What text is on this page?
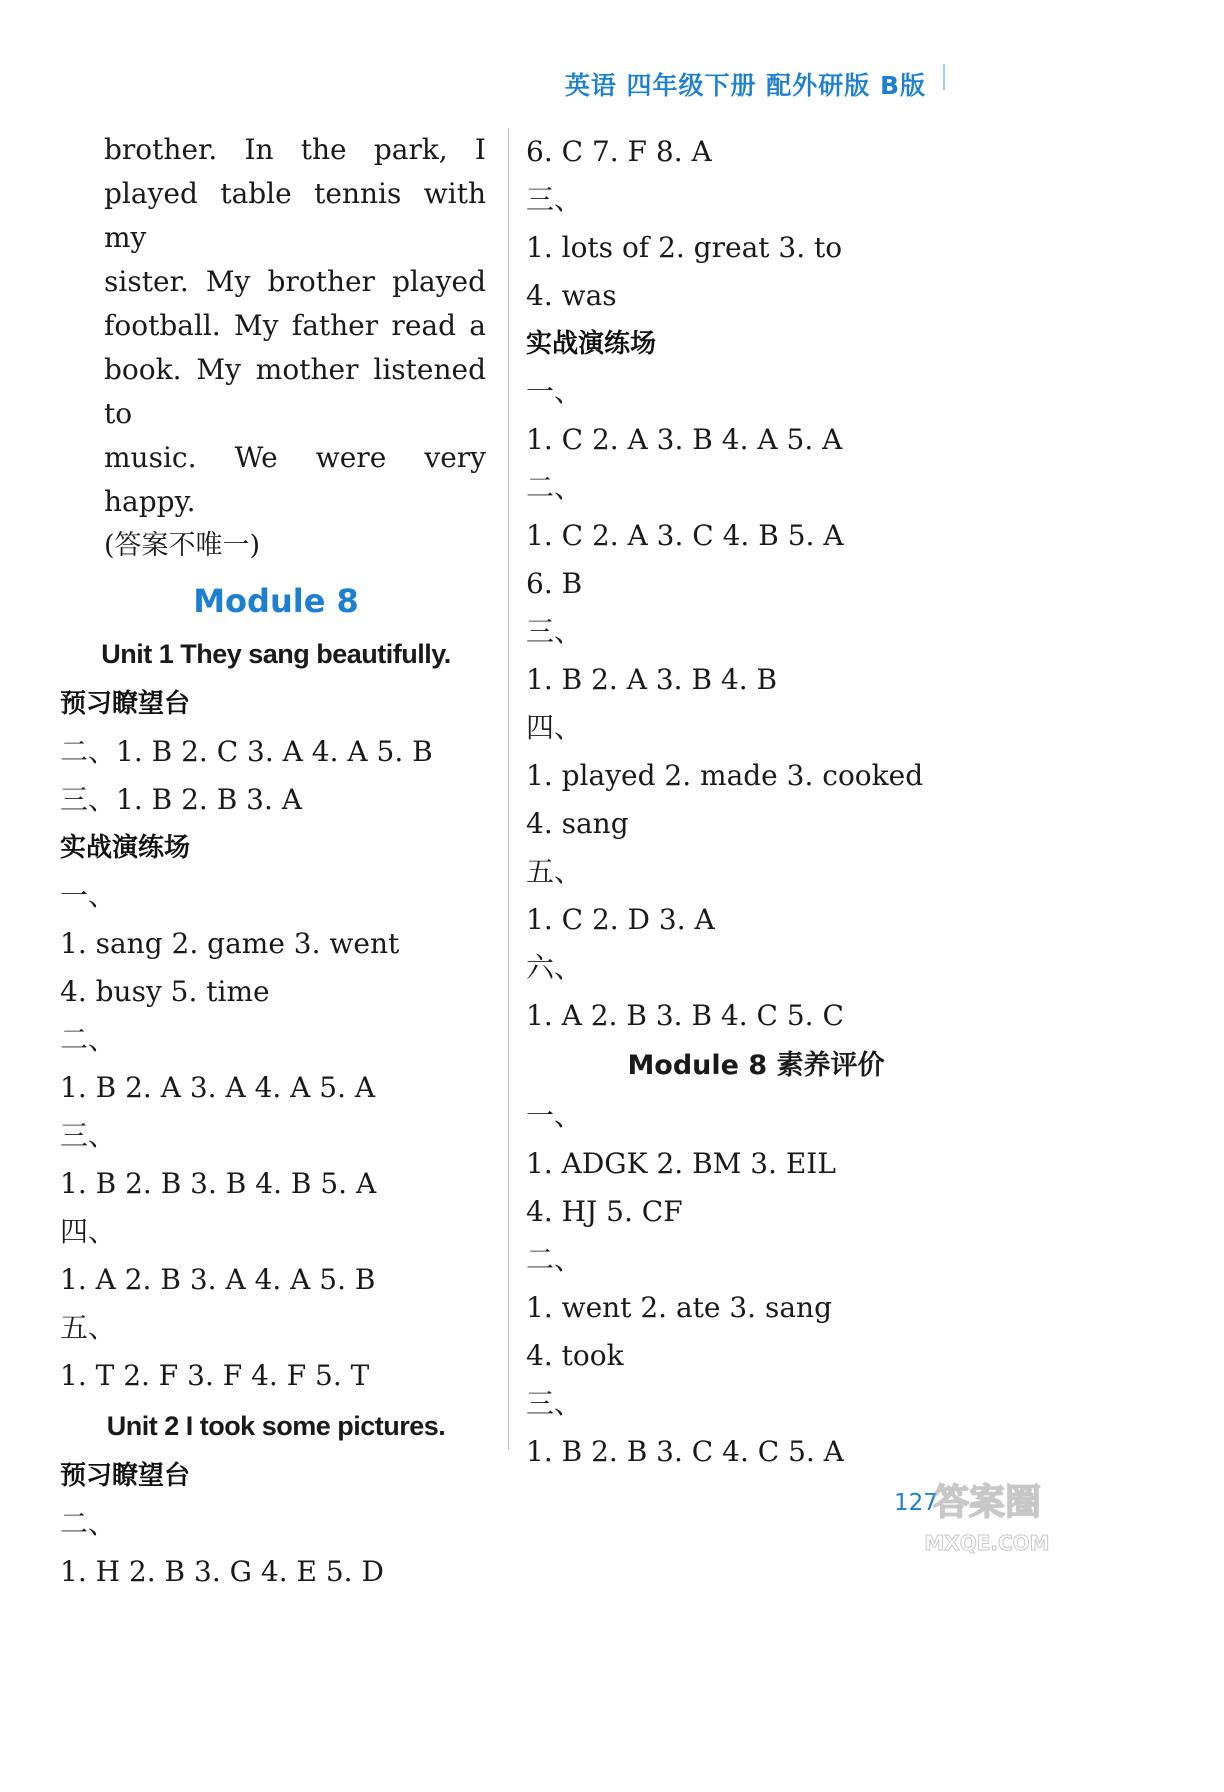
英语 四年级下册 配外研版 B版
brother. In the park, I
played table tennis with my
sister. My brother played
football. My father read a
book. My mother listened to
music. We were very happy.
(答案不唯一)
Module 8
Unit 1 They sang beautifully.
预习瞭望台
二、1. B 2. C 3. A 4. A 5. B
三、1. B 2. B 3. A
实战演练场
一、
1. sang 2. game 3. went
4. busy 5. time
二、
1. B 2. A 3. A 4. A 5. A
三、
1. B 2. B 3. B 4. B 5. A
四、
1. A 2. B 3. A 4. A 5. B
五、
1. T 2. F 3. F 4. F 5. T
Unit 2 I took some pictures.
预习瞭望台
二、
1. H 2. B 3. G 4. E 5. D
6. C 7. F 8. A
三、
1. lots of 2. great 3. to
4. was
实战演练场
一、
1. C 2. A 3. B 4. A 5. A
二、
1. C 2. A 3. C 4. B 5. A
6. B
三、
1. B 2. A 3. B 4. B
四、
1. played 2. made 3. cooked
4. sang
五、
1. C 2. D 3. A
六、
1. A 2. B 3. B 4. C 5. C
Module 8 素养评价
一、
1. ADGK 2. BM 3. EIL
4. HJ 5. CF
二、
1. went 2. ate 3. sang
4. took
三、
1. B 2. B 3. C 4. C 5. A
127
答案圈
MXQE.COM
